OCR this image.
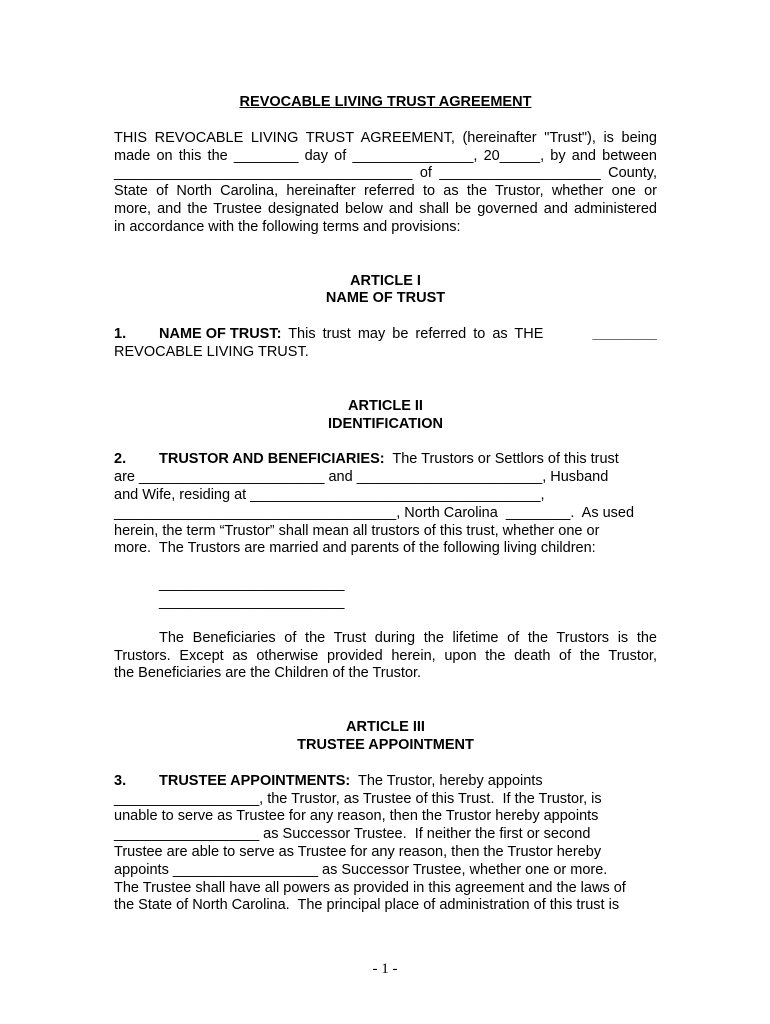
REVOCABLE LIVING TRUST AGREEMENT
THIS REVOCABLE LIVING TRUST AGREEMENT, (hereinafter "Trust"), is being
made on this the ________ day of _______________, 20_____, by and between
_____________________________________ of ____________________ County,
State of North Carolina, hereinafter referred to as the Trustor, whether one or
more, and the Trustee designated below and shall be governed and administered
in accordance with the following terms and provisions:
ARTICLE I
NAME OF TRUST
1. NAME OF TRUST: This trust may be referred to as THE	________
REVOCABLE LIVING TRUST.
ARTICLE II
IDENTIFICATION
2. TRUSTOR AND BENEFICIARIES:  The Trustors or Settlors of this trust
are _______________________ and _______________________, Husband
and Wife, residing at ____________________________________,
___________________________________, North Carolina  ________.  As used
herein, the term “Trustor” shall mean all trustors of this trust, whether one or
more.  The Trustors are married and parents of the following living children:
_______________________
_______________________
The Beneficiaries of the Trust during the lifetime of the Trustors is the
Trustors. Except as otherwise provided herein, upon the death of the Trustor,
the Beneficiaries are the Children of the Trustor.
ARTICLE III
TRUSTEE APPOINTMENT
3. TRUSTEE APPOINTMENTS:  The Trustor, hereby appoints
__________________, the Trustor, as Trustee of this Trust.  If the Trustor, is
unable to serve as Trustee for any reason, then the Trustor hereby appoints
__________________ as Successor Trustee.  If neither the first or second
Trustee are able to serve as Trustee for any reason, then the Trustor hereby
appoints __________________ as Successor Trustee, whether one or more.
The Trustee shall have all powers as provided in this agreement and the laws of
the State of North Carolina.  The principal place of administration of this trust is
- 1 -
